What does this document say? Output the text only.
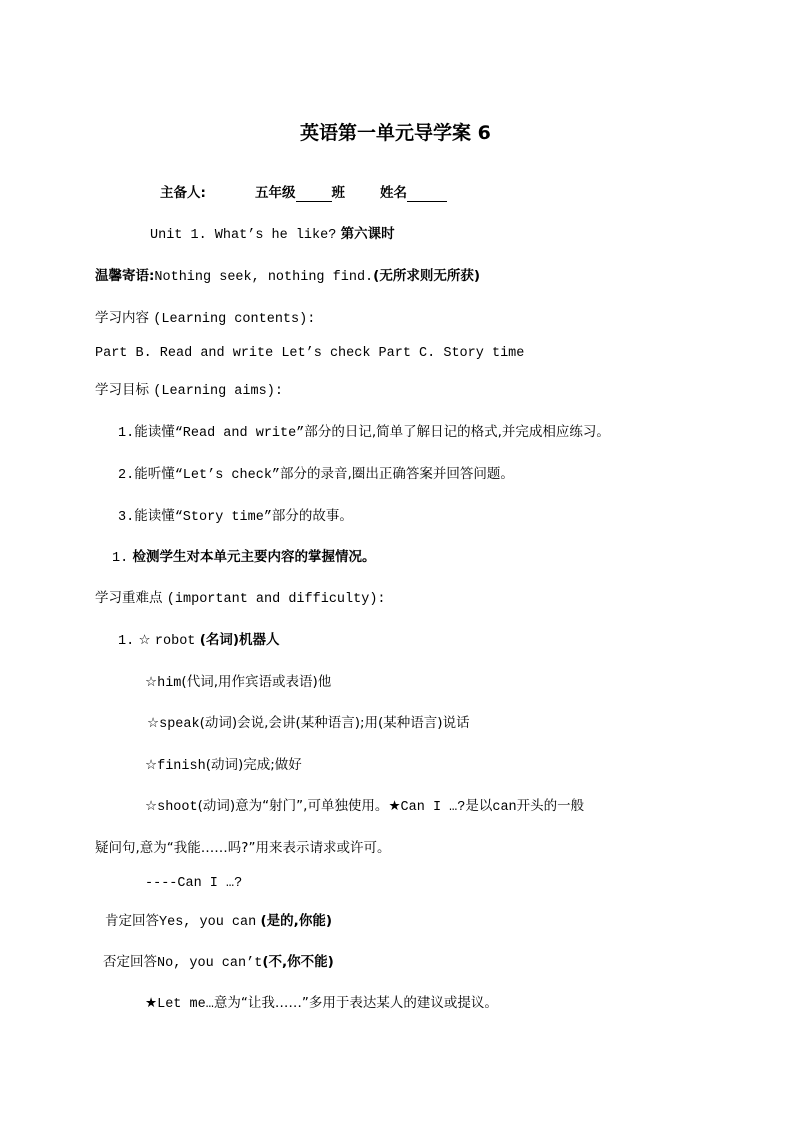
英语第一单元导学案 6
主备人:	五年级	班	姓名
Unit 1. What’s he like? 第六课时
温馨寄语:Nothing seek, nothing find.(无所求则无所获)
学习内容 (Learning contents):
Part B. Read and write Let’s check Part C. Story time
学习目标 (Learning aims):
1.能读懂“Read and write”部分的日记,简单了解日记的格式,并完成相应练习。
2.能听懂“Let’s check”部分的录音,圈出正确答案并回答问题。
3.能读懂“Story time”部分的故事。
1. 检测学生对本单元主要内容的掌握情况。
学习重难点 (important and difficulty):
1. ☆ robot (名词)机器人
☆him(代词,用作宾语或表语)他
☆speak(动词)会说,会讲(某种语言);用(某种语言)说话
☆finish(动词)完成;做好
☆shoot(动词)意为“射门”,可单独使用。★Can I …?是以can开头的一般
疑问句,意为“我能……吗?”用来表示请求或许可。
----Can I …?
肯定回答Yes, you can (是的,你能)
否定回答No, you can’t(不,你不能)
★Let me…意为“让我……”多用于表达某人的建议或提议。
